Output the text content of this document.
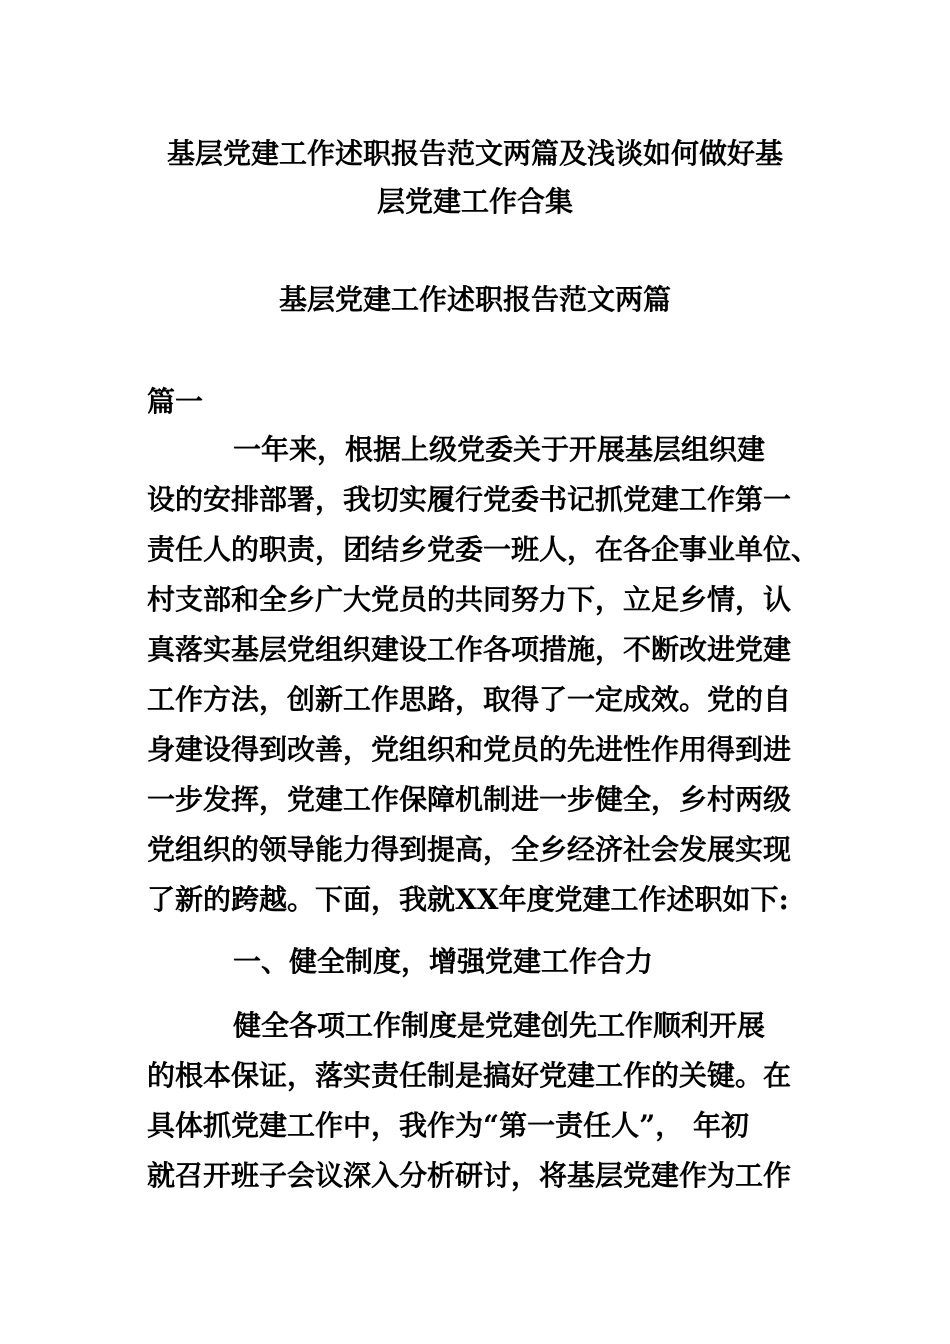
基层党建工作述职报告范文两篇及浅谈如何做好基
层党建工作合集
基层党建工作述职报告范文两篇
篇一
一年来，根据上级党委关于开展基层组织建
设的安排部署，我切实履行党委书记抓党建工作第一
责任人的职责，团结乡党委一班人，在各企事业单位、
村支部和全乡广大党员的共同努力下，立足乡情，认
真落实基层党组织建设工作各项措施，不断改进党建
工作方法，创新工作思路，取得了一定成效。党的自
身建设得到改善，党组织和党员的先进性作用得到进
一步发挥，党建工作保障机制进一步健全，乡村两级
党组织的领导能力得到提高，全乡经济社会发展实现
了新的跨越。下面，我就XX年度党建工作述职如下:
一、健全制度，增强党建工作合力
健全各项工作制度是党建创先工作顺利开展
的根本保证，落实责任制是搞好党建工作的关键。在
具体抓党建工作中，我作为“第一责任人”， 年初
就召开班子会议深入分析研讨，将基层党建作为工作
